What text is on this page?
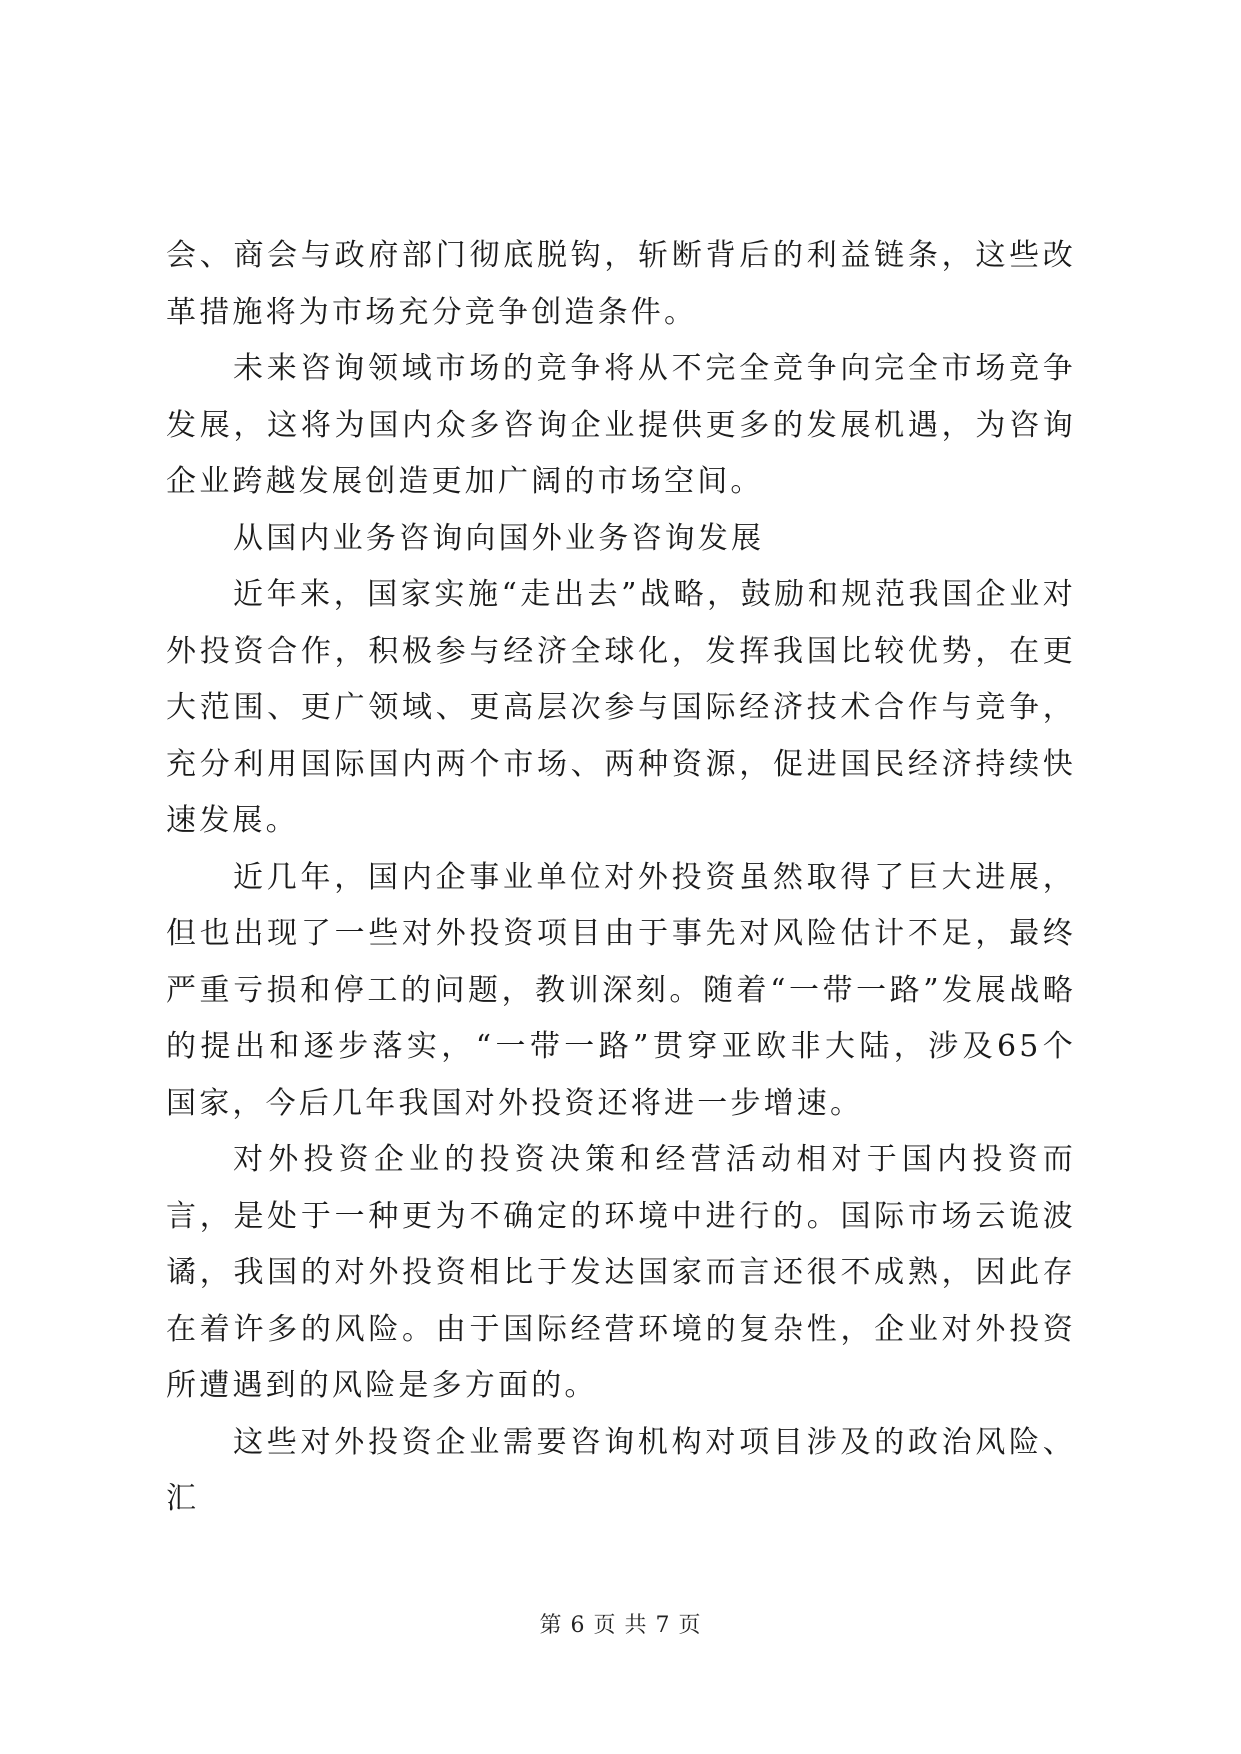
会、商会与政府部门彻底脱钩，斩断背后的利益链条，这些改革措施将为市场充分竞争创造条件。

未来咨询领域市场的竞争将从不完全竞争向完全市场竞争发展，这将为国内众多咨询企业提供更多的发展机遇，为咨询企业跨越发展创造更加广阔的市场空间。

从国内业务咨询向国外业务咨询发展

近年来，国家实施“走出去”战略，鼓励和规范我国企业对外投资合作，积极参与经济全球化，发挥我国比较优势，在更大范围、更广领域、更高层次参与国际经济技术合作与竞争，充分利用国际国内两个市场、两种资源，促进国民经济持续快速发展。

近几年，国内企事业单位对外投资虽然取得了巨大进展，但也出现了一些对外投资项目由于事先对风险估计不足，最终严重亏损和停工的问题，教训深刻。随着“一带一路”发展战略的提出和逐步落实，“一带一路”贯穿亚欧非大陆，涉及65个国家，今后几年我国对外投资还将进一步增速。

对外投资企业的投资决策和经营活动相对于国内投资而言，是处于一种更为不确定的环境中进行的。国际市场云诡波谲，我国的对外投资相比于发达国家而言还很不成熟，因此存在着许多的风险。由于国际经营环境的复杂性，企业对外投资所遭遇到的风险是多方面的。

这些对外投资企业需要咨询机构对项目涉及的政治风险、汇

第 6 页 共 7 页
